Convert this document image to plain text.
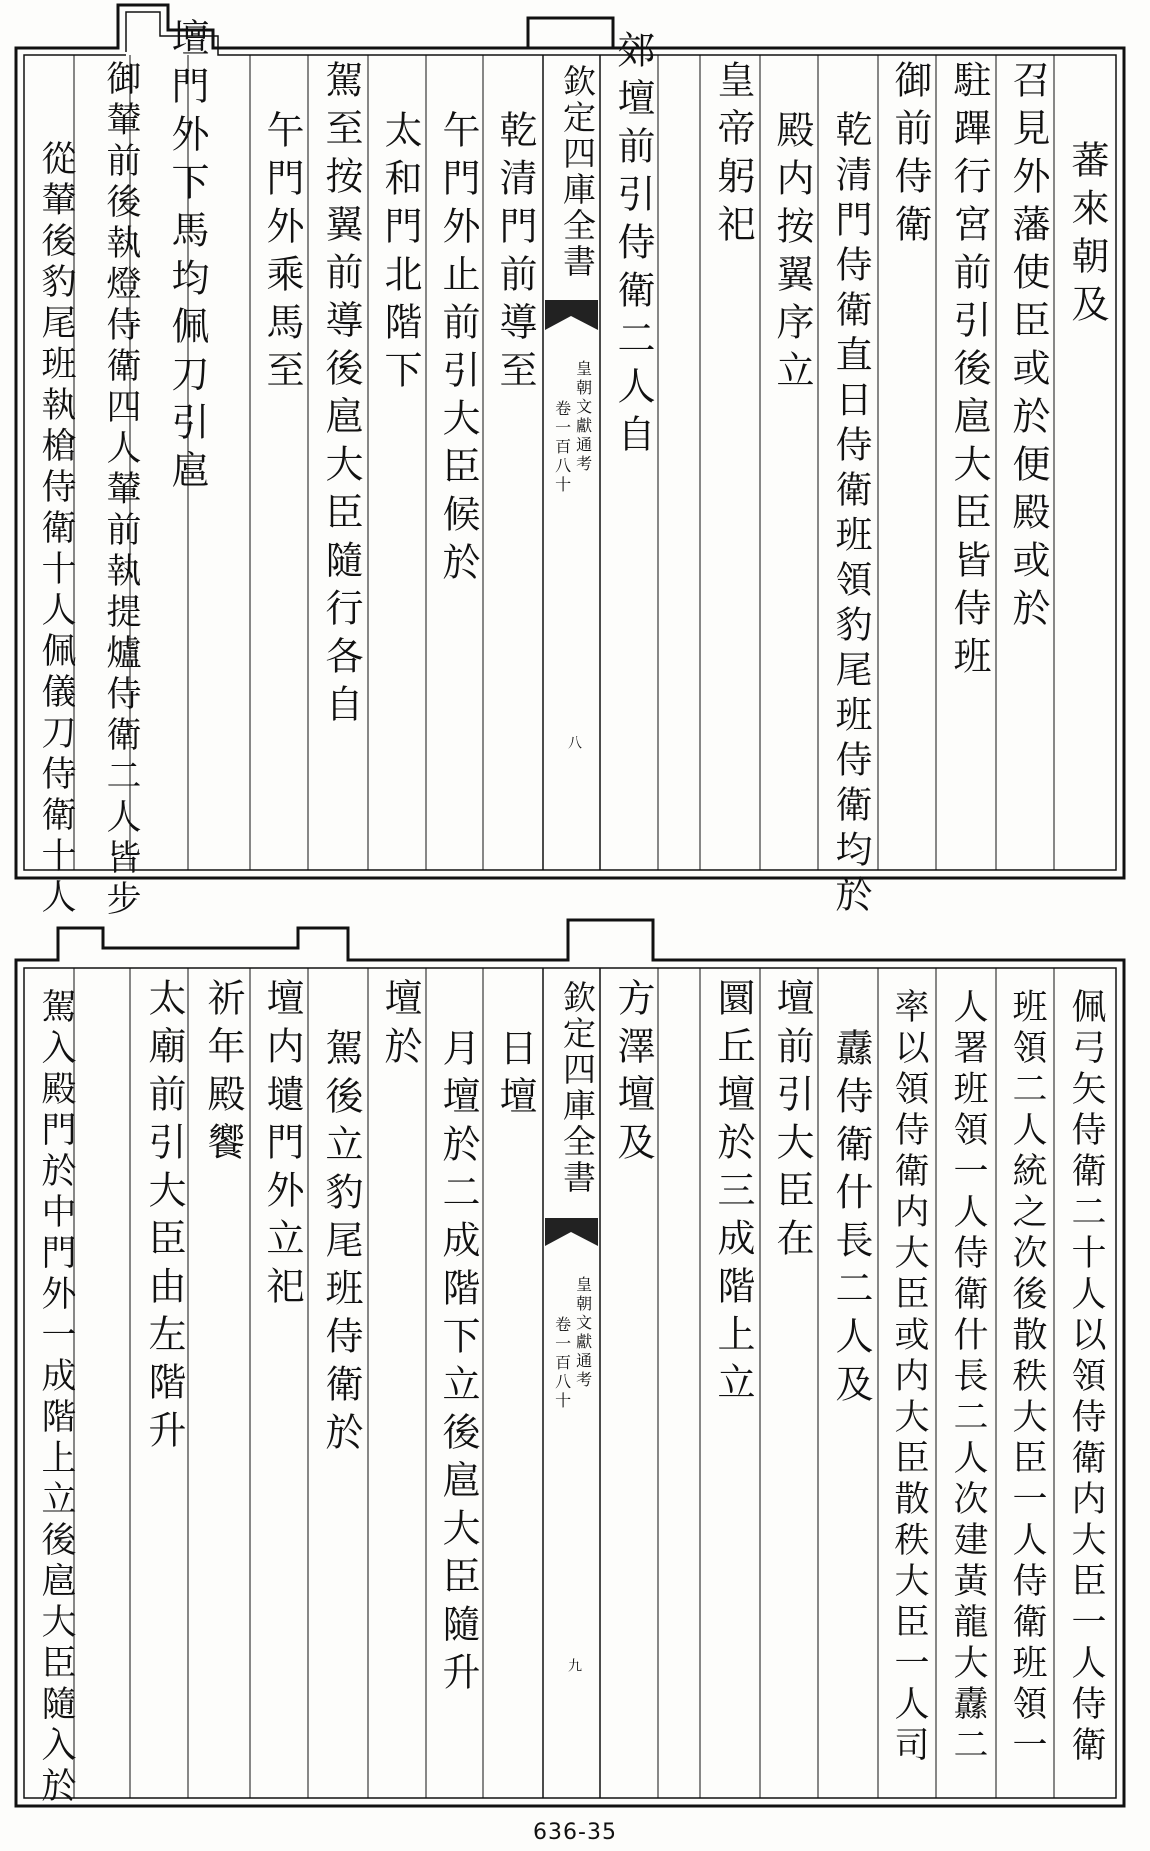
蕃來朝及
召見外藩使臣或於便殿或於
駐蹕行宮前引後扈大臣皆侍班
御前侍衛
乾清門侍衛直日侍衛班領豹尾班侍衛均於
殿内按翼序立
皇帝躬祀
郊壇前引侍衛二人自
欽定四庫全書
皇朝文獻通考
卷一百八十
八
乾清門前導至
午門外止前引大臣候於
太和門北階下
駕至按翼前導後扈大臣隨行各自
午門外乘馬至
壇門外下馬均佩刀引扈
御輦前後執燈侍衛四人輦前執提爐侍衛二人皆步
從輦後豹尾班執槍侍衛十人佩儀刀侍衛十人
佩弓矢侍衛二十人以領侍衛内大臣一人侍衛
班領二人統之次後散秩大臣一人侍衛班領一
人署班領一人侍衛什長二人次建黃龍大纛二
率以領侍衛内大臣或内大臣散秩大臣一人司
纛侍衛什長二人及
壇前引大臣在
圜丘壇於三成階上立
方澤壇及
欽定四庫全書
皇朝文獻通考
卷一百八十
九
日壇
月壇於二成階下立後扈大臣隨升
壇於
駕後立豹尾班侍衛於
壇内壝門外立祀
祈年殿饗
太廟前引大臣由左階升
駕入殿門於中門外一成階上立後扈大臣隨入於
636-35
